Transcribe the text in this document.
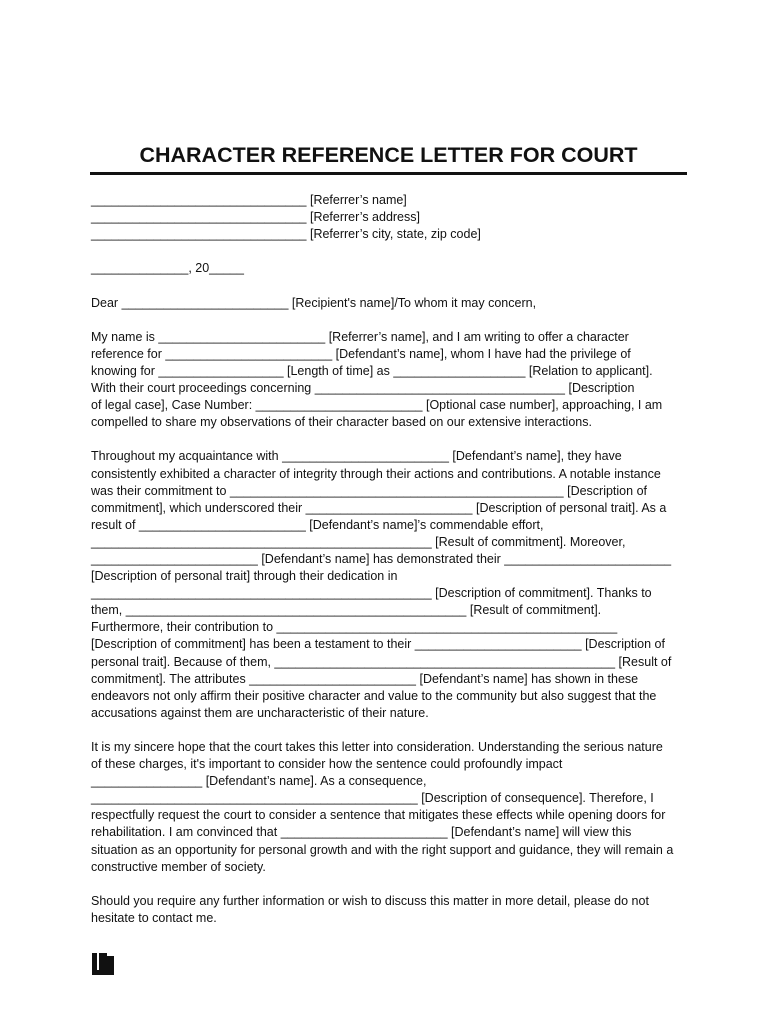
CHARACTER REFERENCE LETTER FOR COURT
_______________________________ [Referrer’s name]
_______________________________ [Referrer’s address]
_______________________________ [Referrer’s city, state, zip code]
______________, 20_____
Dear ________________________ [Recipient's name]/To whom it may concern,
My name is ________________________ [Referrer’s name], and I am writing to offer a character
reference for ________________________ [Defendant’s name], whom I have had the privilege of
knowing for __________________ [Length of time] as ___________________ [Relation to applicant].
With their court proceedings concerning ____________________________________ [Description
of legal case], Case Number: ________________________ [Optional case number], approaching, I am
compelled to share my observations of their character based on our extensive interactions.
Throughout my acquaintance with ________________________ [Defendant’s name], they have
consistently exhibited a character of integrity through their actions and contributions. A notable instance
was their commitment to ________________________________________________ [Description of
commitment], which underscored their ________________________ [Description of personal trait]. As a
result of ________________________ [Defendant’s name]’s commendable effort,
_________________________________________________ [Result of commitment]. Moreover,
________________________ [Defendant’s name] has demonstrated their ________________________
[Description of personal trait] through their dedication in
_________________________________________________ [Description of commitment]. Thanks to
them, _________________________________________________ [Result of commitment].
Furthermore, their contribution to _________________________________________________
[Description of commitment] has been a testament to their ________________________ [Description of
personal trait]. Because of them, _________________________________________________ [Result of
commitment]. The attributes ________________________ [Defendant’s name] has shown in these
endeavors not only affirm their positive character and value to the community but also suggest that the
accusations against them are uncharacteristic of their nature.
It is my sincere hope that the court takes this letter into consideration. Understanding the serious nature
of these charges, it's important to consider how the sentence could profoundly impact
________________ [Defendant’s name]. As a consequence,
_______________________________________________ [Description of consequence]. Therefore, I
respectfully request the court to consider a sentence that mitigates these effects while opening doors for
rehabilitation. I am convinced that ________________________ [Defendant’s name] will view this
situation as an opportunity for personal growth and with the right support and guidance, they will remain a
constructive member of society.
Should you require any further information or wish to discuss this matter in more detail, please do not
hesitate to contact me.
